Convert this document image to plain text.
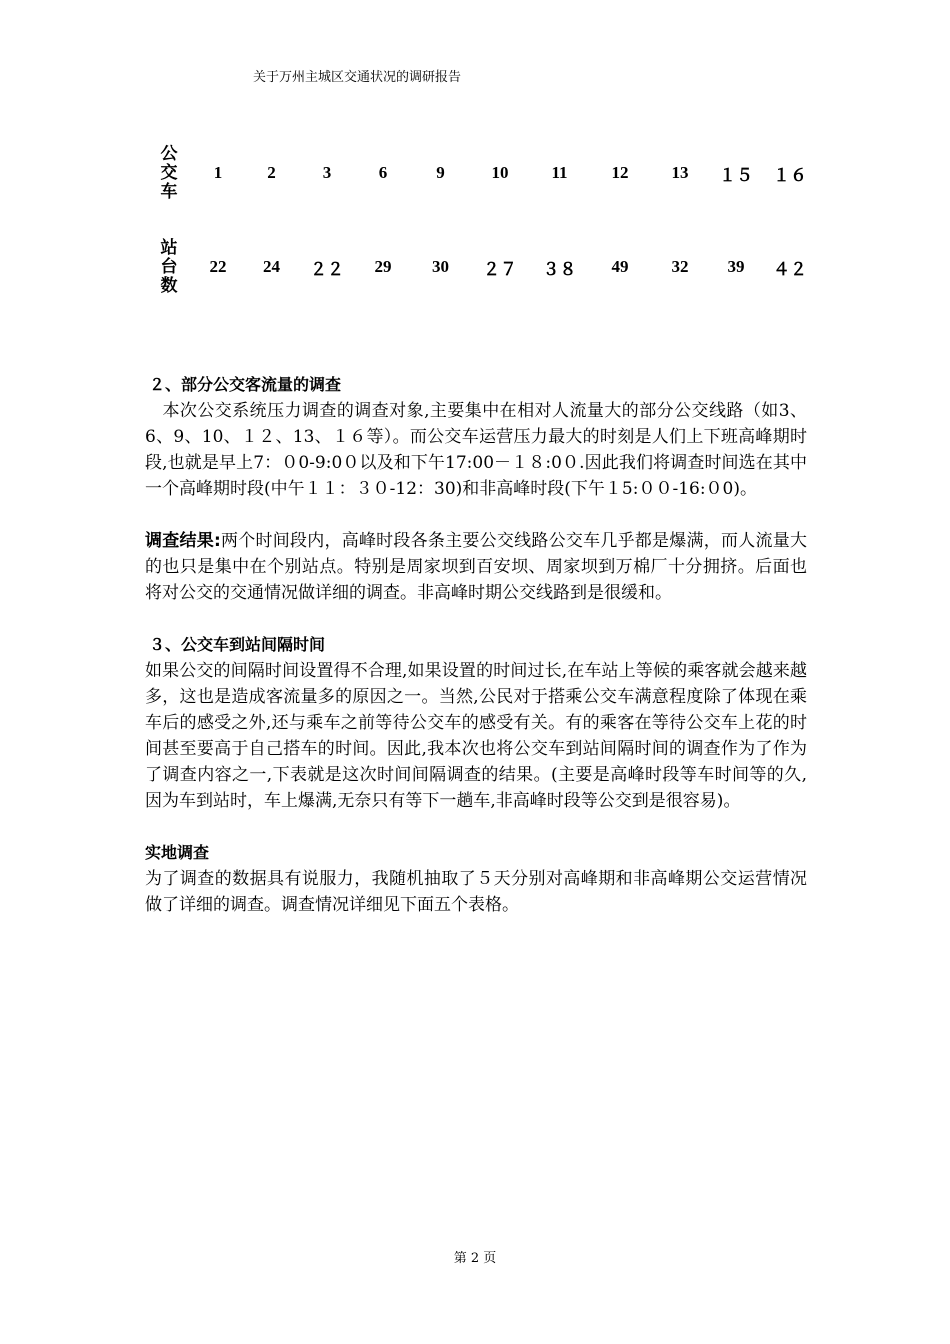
关于万州主城区交通状况的调研报告
公交车	1	2	3	6	9	10	11	12	13	１５	１６

站台数	22	24	２２	29	30	２７	３８	49	32	39	４２

２、部分公交客流量的调查

　本次公交系统压力调查的调查对象,主要集中在相对人流量大的部分公交线路（如3、6、9、10、１２、13、１６等）。而公交车运营压力最大的时刻是人们上下班高峰期时段,也就是早上7：０0-9:0０以及和下午17:00－１８:0０.因此我们将调查时间选在其中一个高峰期时段(中午１１：３０-12：30)和非高峰时段(下午１5:００-16:０0)。

调查结果:两个时间段内，高峰时段各条主要公交线路公交车几乎都是爆满，而人流量大的也只是集中在个别站点。特别是周家坝到百安坝、周家坝到万棉厂十分拥挤。后面也将对公交的交通情况做详细的调查。非高峰时期公交线路到是很缓和。

３、公交车到站间隔时间

如果公交的间隔时间设置得不合理,如果设置的时间过长,在车站上等候的乘客就会越来越多，这也是造成客流量多的原因之一。当然,公民对于搭乘公交车满意程度除了体现在乘车后的感受之外,还与乘车之前等待公交车的感受有关。有的乘客在等待公交车上花的时间甚至要高于自己搭车的时间。因此,我本次也将公交车到站间隔时间的调查作为了作为了调查内容之一,下表就是这次时间间隔调查的结果。(主要是高峰时段等车时间等的久,因为车到站时，车上爆满,无奈只有等下一趟车,非高峰时段等公交到是很容易)。

实地调查

为了调查的数据具有说服力，我随机抽取了５天分别对高峰期和非高峰期公交运营情况做了详细的调查。调查情况详细见下面五个表格。

第 2 页
